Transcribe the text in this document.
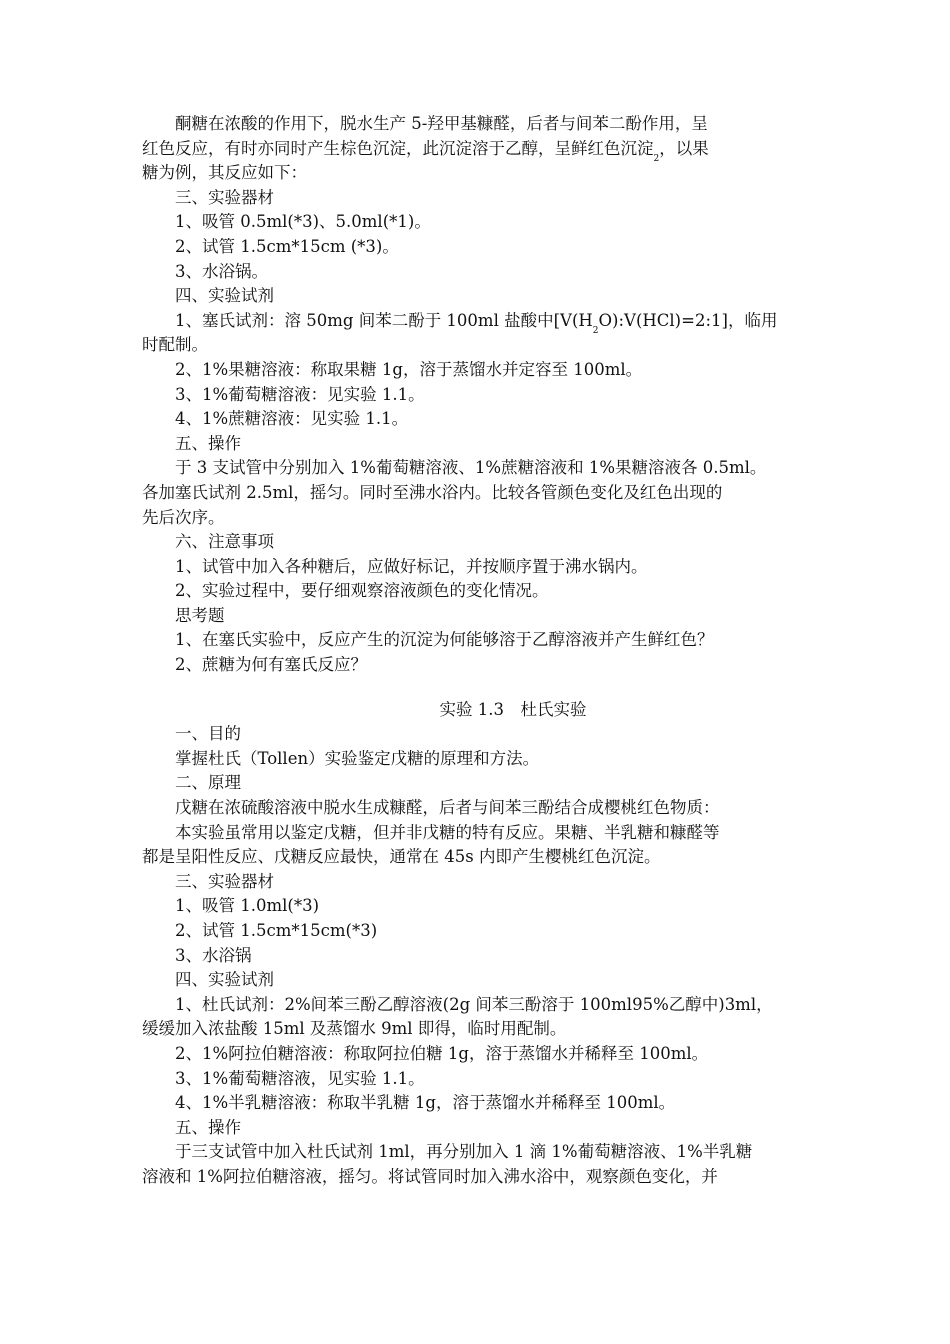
酮糖在浓酸的作用下，脱水生产 5-羟甲基糠醛，后者与间苯二酚作用，呈
红色反应，有时亦同时产生棕色沉淀，此沉淀溶于乙醇，呈鲜红色沉淀$_2$，以果
糖为例，其反应如下：
三、实验器材
1、吸管 0.5ml(*3)、5.0ml(*1)。
2、试管 1.5cm*15cm (*3)。
3、水浴锅。
四、实验试剂
1、塞氏试剂：溶 50mg 间苯二酚于 100ml 盐酸中$[V(H_2O):V(HCl)=2:1]$，临用
时配制。
2、1%果糖溶液：称取果糖 1g，溶于蒸馏水并定容至 100ml。
3、1%葡萄糖溶液：见实验 1.1。
4、1%蔗糖溶液：见实验 1.1。
五、操作
于 3 支试管中分别加入 1%葡萄糖溶液、1%蔗糖溶液和 1%果糖溶液各 0.5ml。
各加塞氏试剂 2.5ml，摇匀。同时至沸水浴内。比较各管颜色变化及红色出现的
先后次序。
六、注意事项
1、试管中加入各种糖后，应做好标记，并按顺序置于沸水锅内。
2、实验过程中，要仔细观察溶液颜色的变化情况。
思考题
1、在塞氏实验中，反应产生的沉淀为何能够溶于乙醇溶液并产生鲜红色？
2、蔗糖为何有塞氏反应？
实验 1.3　杜氏实验
一、目的
掌握杜氏（Tollen）实验鉴定戊糖的原理和方法。
二、原理
戊糖在浓硫酸溶液中脱水生成糠醛，后者与间苯三酚结合成樱桃红色物质：
本实验虽常用以鉴定戊糖，但并非戊糖的特有反应。果糖、半乳糖和糠醛等
都是呈阳性反应、戊糖反应最快，通常在 45s 内即产生樱桃红色沉淀。
三、实验器材
1、吸管 1.0ml(*3)
2、试管 1.5cm*15cm(*3)
3、水浴锅
四、实验试剂
1、杜氏试剂：2%间苯三酚乙醇溶液(2g 间苯三酚溶于 100ml95%乙醇中)3ml，
缓缓加入浓盐酸 15ml 及蒸馏水 9ml 即得，临时用配制。
2、1%阿拉伯糖溶液：称取阿拉伯糖 1g，溶于蒸馏水并稀释至 100ml。
3、1%葡萄糖溶液，见实验 1.1。
4、1%半乳糖溶液：称取半乳糖 1g，溶于蒸馏水并稀释至 100ml。
五、操作
于三支试管中加入杜氏试剂 1ml，再分别加入 1 滴 1%葡萄糖溶液、1%半乳糖
溶液和 1%阿拉伯糖溶液，摇匀。将试管同时加入沸水浴中，观察颜色变化，并
